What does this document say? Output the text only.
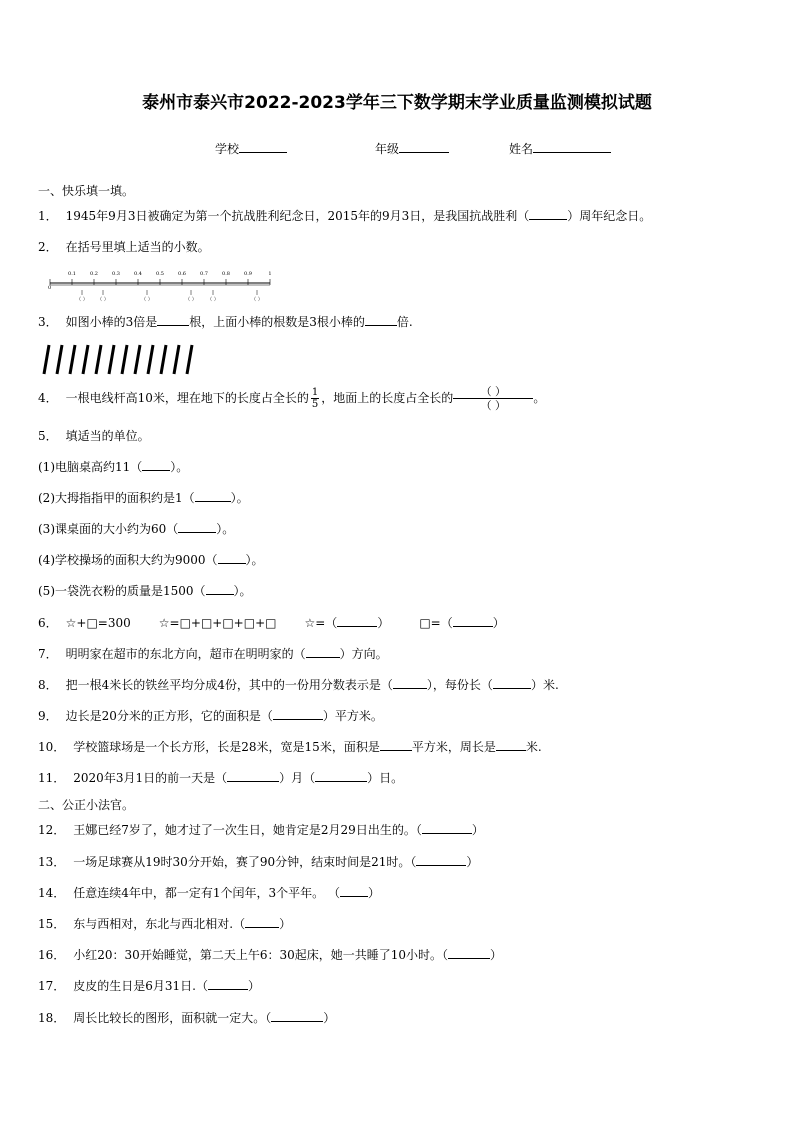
泰州市泰兴市2022-2023学年三下数学期末学业质量监测模拟试题
学校	年级	姓名
一、快乐填一填。
1． 1945年9月3日被确定为第一个抗战胜利纪念日，2015年的9月3日，是我国抗战胜利（	）周年纪念日。
2． 在括号里填上适当的小数。
0
0.1	0.2	0.3	0.4	0.5	0.6	0.7	0.8	0.9	1
（ ） （ ）	（ ）	（ ） （ ）	（ ）
3． 如图小棒的3倍是	根，上面小棒的根数是3根小棒的	倍.
4． 一根电线杆高10米，埋在地下的长度占全长的 $\frac{1}{5}$ ，地面上的长度占全长的	（ ）
（ ）
。
5． 填适当的单位。
(1)电脑桌高约11（ ）。
(2)大拇指指甲的面积约是1（	）。
(3)课桌面的大小约为60（	）。
(4)学校操场的面积大约为9000（ ）。
(5)一袋洗衣粉的质量是1500（ ）。
6． ☆+□=300 ☆=□+□+□+□+□ ☆=（	）	□=（	）
7． 明明家在超市的东北方向，超市在明明家的（	）方向。
8． 把一根4米长的铁丝平均分成4份，其中的一份用分数表示是（	），每份长（	）米.
9． 边长是20分米的正方形，它的面积是（	）平方米。
10． 学校篮球场是一个长方形，长是28米，宽是15米，面积是	平方米，周长是	米.
11． 2020年3月1日的前一天是（	）月（	）日。
二、公正小法官。
12． 王娜已经7岁了，她才过了一次生日，她肯定是2月29日出生的。（	）
13． 一场足球赛从19时30分开始，赛了90分钟，结束时间是21时。（	）
14． 任意连续4年中，都一定有1个闰年，3个平年。 （ ）
15． 东与西相对，东北与西北相对.（	）
16． 小红20：30开始睡觉，第二天上午6：30起床，她一共睡了10小时。（	）
17． 皮皮的生日是6月31日.（	）
18． 周长比较长的图形，面积就一定大。（	）
